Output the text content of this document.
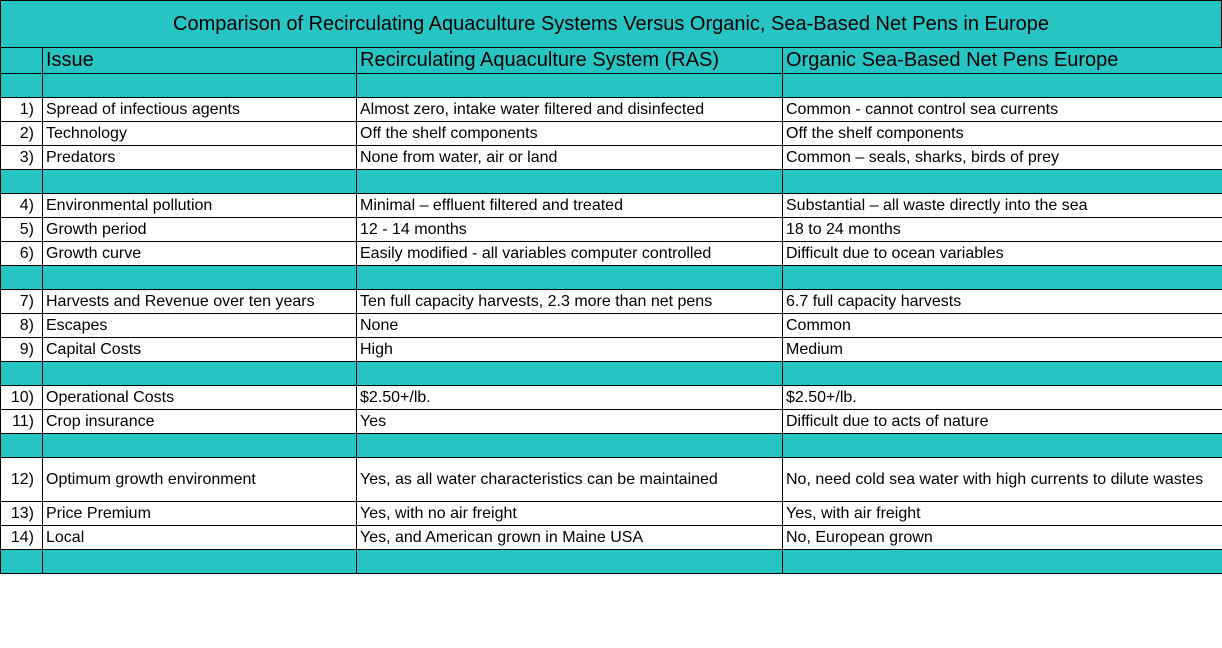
Comparison of Recirculating Aquaculture Systems Versus Organic, Sea-Based Net Pens in Europe
	Issue	Recirculating Aquaculture System (RAS)	Organic Sea-Based Net Pens Europe

1)	Spread of infectious agents	Almost zero, intake water filtered and disinfected	Common - cannot control sea currents
2)	Technology	Off the shelf components	Off the shelf components
3)	Predators	None from water, air or land	Common – seals, sharks, birds of prey

4)	Environmental pollution	Minimal – effluent filtered and treated	Substantial – all waste directly into the sea
5)	Growth period	12 - 14 months	18 to 24 months
6)	Growth curve	Easily modified - all variables computer controlled	Difficult due to ocean variables

7)	Harvests and Revenue over ten years	Ten full capacity harvests, 2.3 more than net pens	6.7 full capacity harvests
8)	Escapes	None	Common
9)	Capital Costs	High	Medium

10)	Operational Costs	$2.50+/lb.	$2.50+/lb.
11)	Crop insurance	Yes	Difficult due to acts of nature

12)	Optimum growth environment	Yes, as all water characteristics can be maintained	No, need cold sea water with high currents to dilute wastes
13)	Price Premium	Yes, with no air freight	Yes, with air freight
14)	Local	Yes, and American grown in Maine USA	No, European grown
